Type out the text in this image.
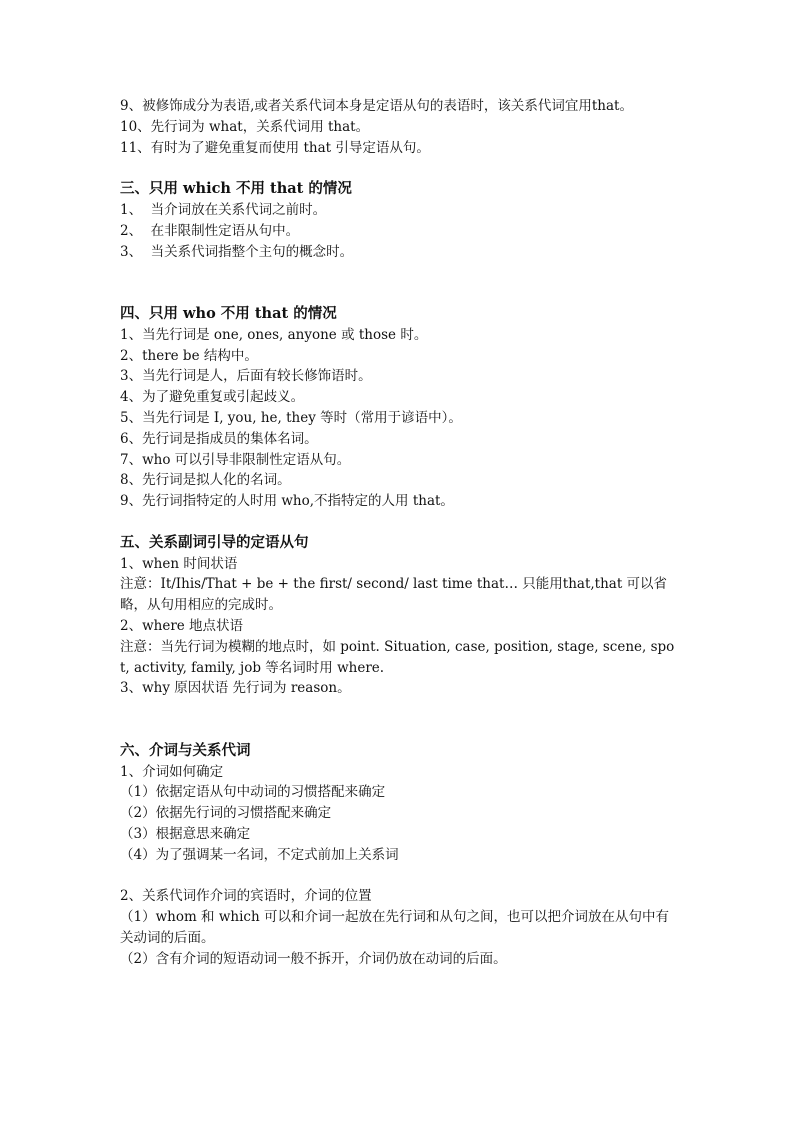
9、被修饰成分为表语,或者关系代词本身是定语从句的表语时，该关系代词宜用that。

10、先行词为 what，关系代词用 that。

11、有时为了避免重复而使用 that 引导定语从句。

三、只用 which 不用 that 的情况

1、  当介词放在关系代词之前时。

2、  在非限制性定语从句中。

3、  当关系代词指整个主句的概念时。

四、只用 who 不用 that 的情况

1、当先行词是 one, ones, anyone 或 those 时。

2、there be 结构中。

3、当先行词是人，后面有较长修饰语时。

4、为了避免重复或引起歧义。

5、当先行词是 I, you, he, they 等时（常用于谚语中）。

6、先行词是指成员的集体名词。

7、who 可以引导非限制性定语从句。

8、先行词是拟人化的名词。

9、先行词指特定的人时用 who,不指特定的人用 that。

五、关系副词引导的定语从句

1、when 时间状语

注意：It/Ihis/That + be + the first/ second/ last time that… 只能用that,that 可以省略，从句用相应的完成时。

2、where 地点状语

注意：当先行词为模糊的地点时，如 point. Situation, case, position, stage, scene, spot, activity, family, job 等名词时用 where.

3、why 原因状语 先行词为 reason。

六、介词与关系代词

1、介词如何确定

（1）依据定语从句中动词的习惯搭配来确定

（2）依据先行词的习惯搭配来确定

（3）根据意思来确定

（4）为了强调某一名词，不定式前加上关系词

2、关系代词作介词的宾语时，介词的位置

（1）whom 和 which 可以和介词一起放在先行词和从句之间，也可以把介词放在从句中有关动词的后面。

（2）含有介词的短语动词一般不拆开，介词仍放在动词的后面。
